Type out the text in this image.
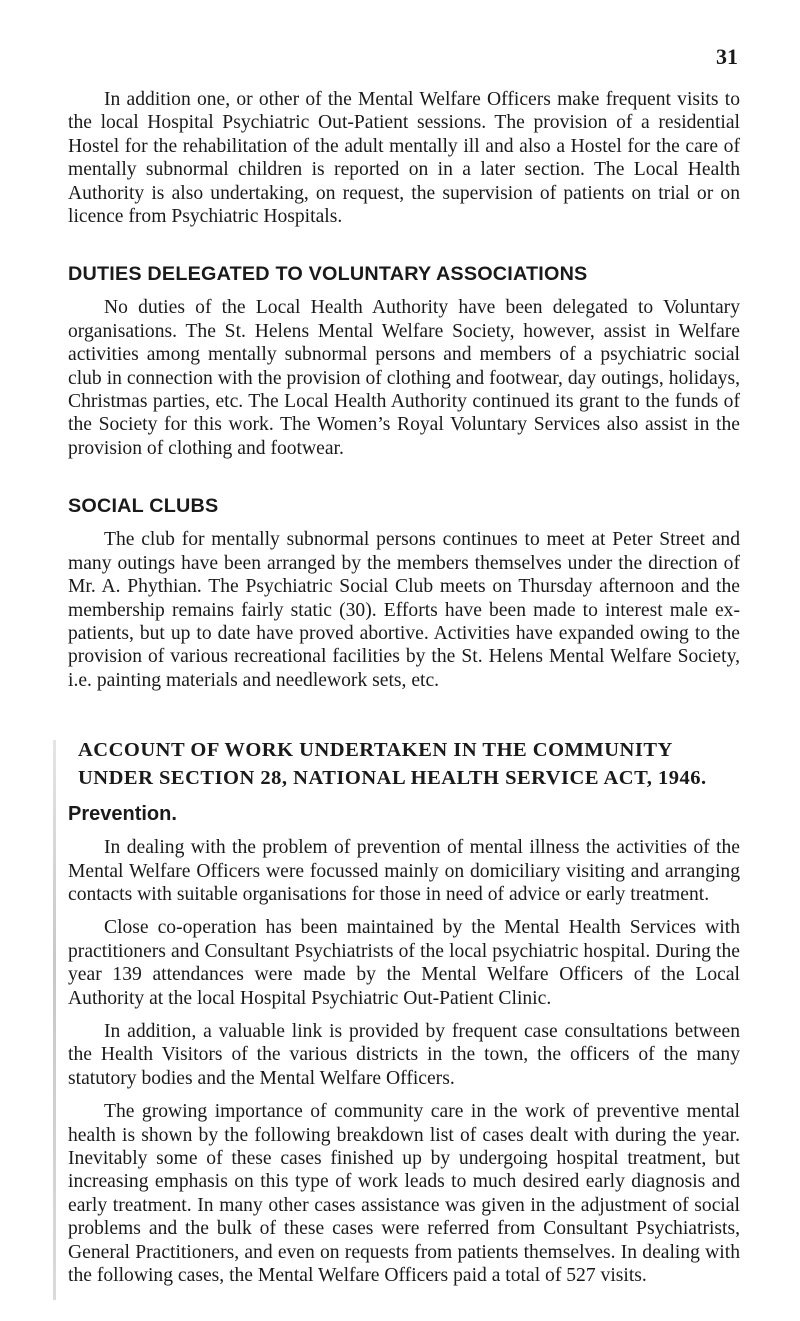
31

In addition one, or other of the Mental Welfare Officers make frequent visits to the local Hospital Psychiatric Out-Patient sessions. The provision of a residential Hostel for the rehabilitation of the adult mentally ill and also a Hostel for the care of mentally subnormal children is reported on in a later section. The Local Health Authority is also undertaking, on request, the supervision of patients on trial or on licence from Psychiatric Hospitals.

DUTIES DELEGATED TO VOLUNTARY ASSOCIATIONS

No duties of the Local Health Authority have been delegated to Voluntary organisations. The St. Helens Mental Welfare Society, however, assist in Welfare activities among mentally subnormal persons and members of a psychiatric social club in connection with the provision of clothing and footwear, day outings, holidays, Christmas parties, etc. The Local Health Authority continued its grant to the funds of the Society for this work. The Women’s Royal Voluntary Services also assist in the provision of clothing and footwear.

SOCIAL CLUBS

The club for mentally subnormal persons continues to meet at Peter Street and many outings have been arranged by the members themselves under the direction of Mr. A. Phythian. The Psychiatric Social Club meets on Thursday afternoon and the membership remains fairly static (30). Efforts have been made to interest male ex-patients, but up to date have proved abortive. Activities have expanded owing to the provision of various recreational facilities by the St. Helens Mental Welfare Society, i.e. painting materials and needlework sets, etc.

ACCOUNT OF WORK UNDERTAKEN IN THE COMMUNITY
UNDER SECTION 28, NATIONAL HEALTH SERVICE ACT, 1946.
Prevention.

In dealing with the problem of prevention of mental illness the activities of the Mental Welfare Officers were focussed mainly on domiciliary visiting and arranging contacts with suitable organisations for those in need of advice or early treatment.

Close co-operation has been maintained by the Mental Health Services with practitioners and Consultant Psychiatrists of the local psychiatric hospital. During the year 139 attendances were made by the Mental Welfare Officers of the Local Authority at the local Hospital Psychiatric Out-Patient Clinic.

In addition, a valuable link is provided by frequent case consultations between the Health Visitors of the various districts in the town, the officers of the many statutory bodies and the Mental Welfare Officers.

The growing importance of community care in the work of preventive mental health is shown by the following breakdown list of cases dealt with during the year. Inevitably some of these cases finished up by undergoing hospital treatment, but increasing emphasis on this type of work leads to much desired early diagnosis and early treatment. In many other cases assistance was given in the adjustment of social problems and the bulk of these cases were referred from Consultant Psychiatrists, General Practitioners, and even on requests from patients themselves. In dealing with the following cases, the Mental Welfare Officers paid a total of 527 visits.
